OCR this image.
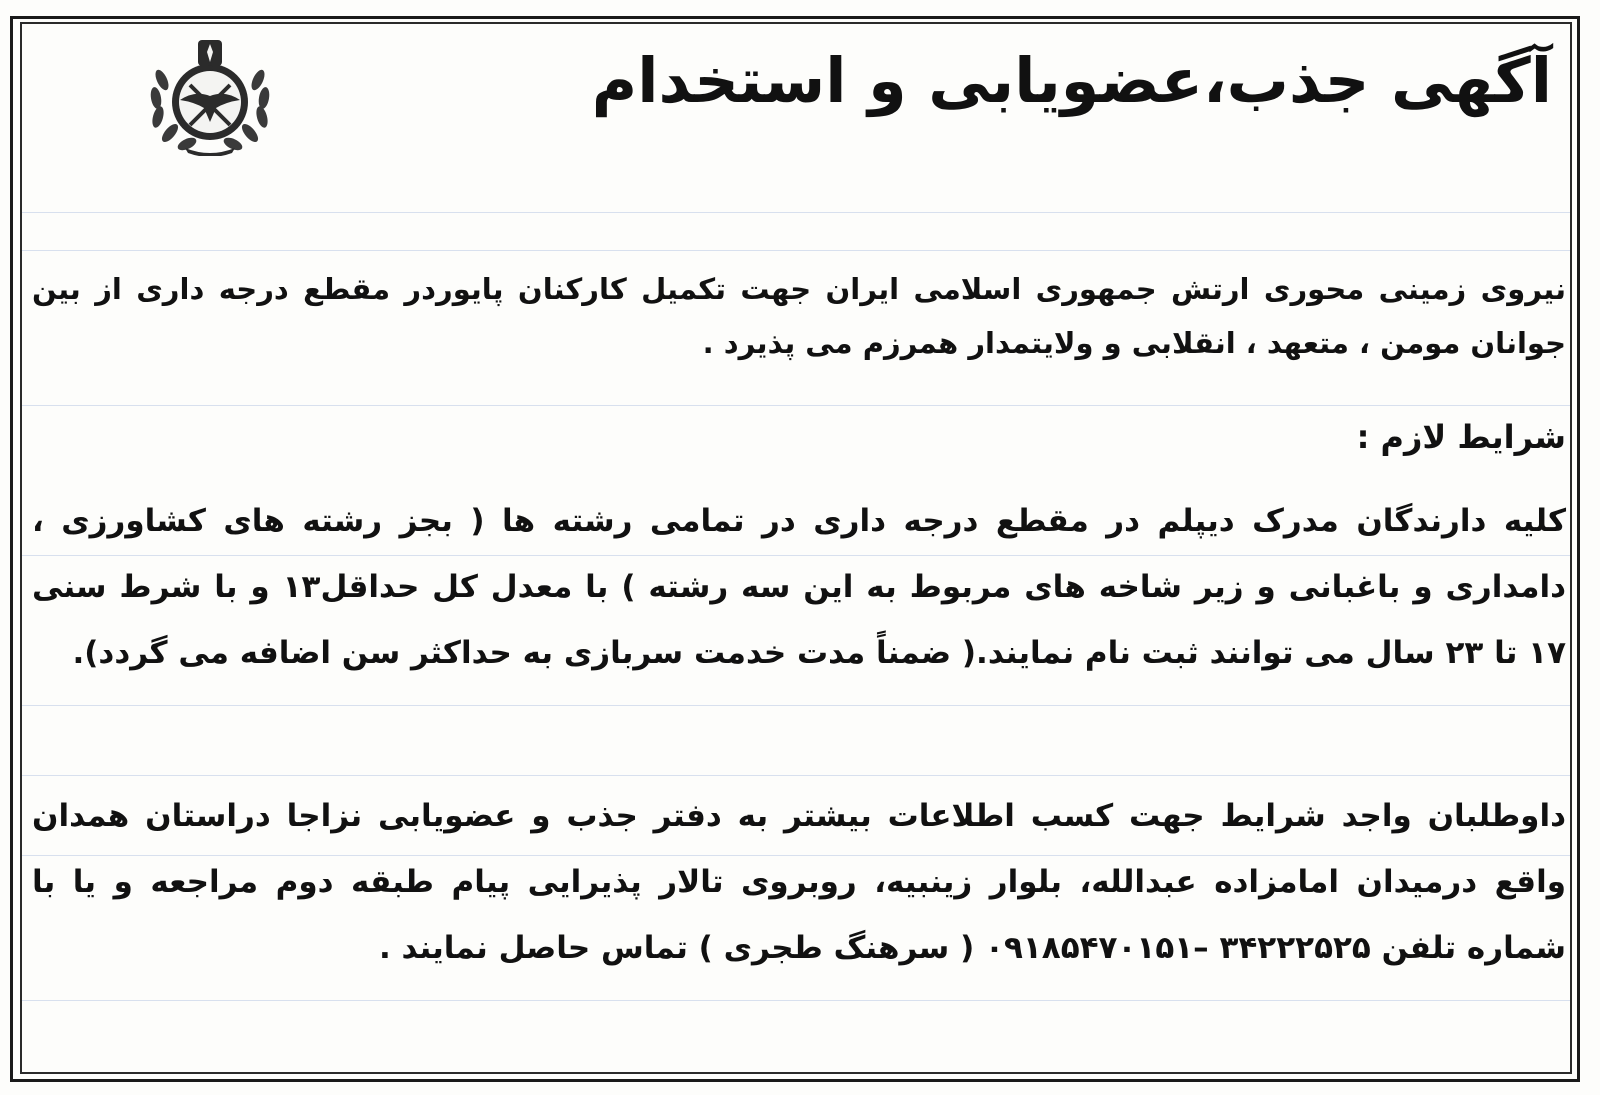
آگهی جذب،عضویابی و استخدام
نیروی زمینی محوری ارتش جمهوری اسلامی ایران جهت تکمیل کارکنان پایوردر مقطع درجه داری از بین جوانان مومن ، متعهد ، انقلابی و ولایتمدار همرزم می پذیرد .
شرایط لازم :
کلیه دارندگان مدرک دیپلم در مقطع درجه داری در تمامی رشته ها ( بجز رشته های کشاورزی ، دامداری و باغبانی و زیر شاخه های مربوط به این سه رشته ) با معدل کل حداقل۱۳ و با شرط سنی ۱۷ تا ۲۳ سال می توانند ثبت نام نمایند.( ضمناً مدت خدمت سربازی به حداکثر سن اضافه می گردد).
داوطلبان واجد شرایط جهت کسب اطلاعات بیشتر به دفتر جذب و عضویابی نزاجا دراستان همدان واقع درمیدان امامزاده عبدالله، بلوار زینبیه، روبروی تالار پذیرایی پیام طبقه دوم مراجعه و یا با شماره تلفن ۳۴۲۲۲۵۲۵ –۰۹۱۸۵۴۷۰۱۵۱ ( سرهنگ طجری ) تماس حاصل نمایند .
